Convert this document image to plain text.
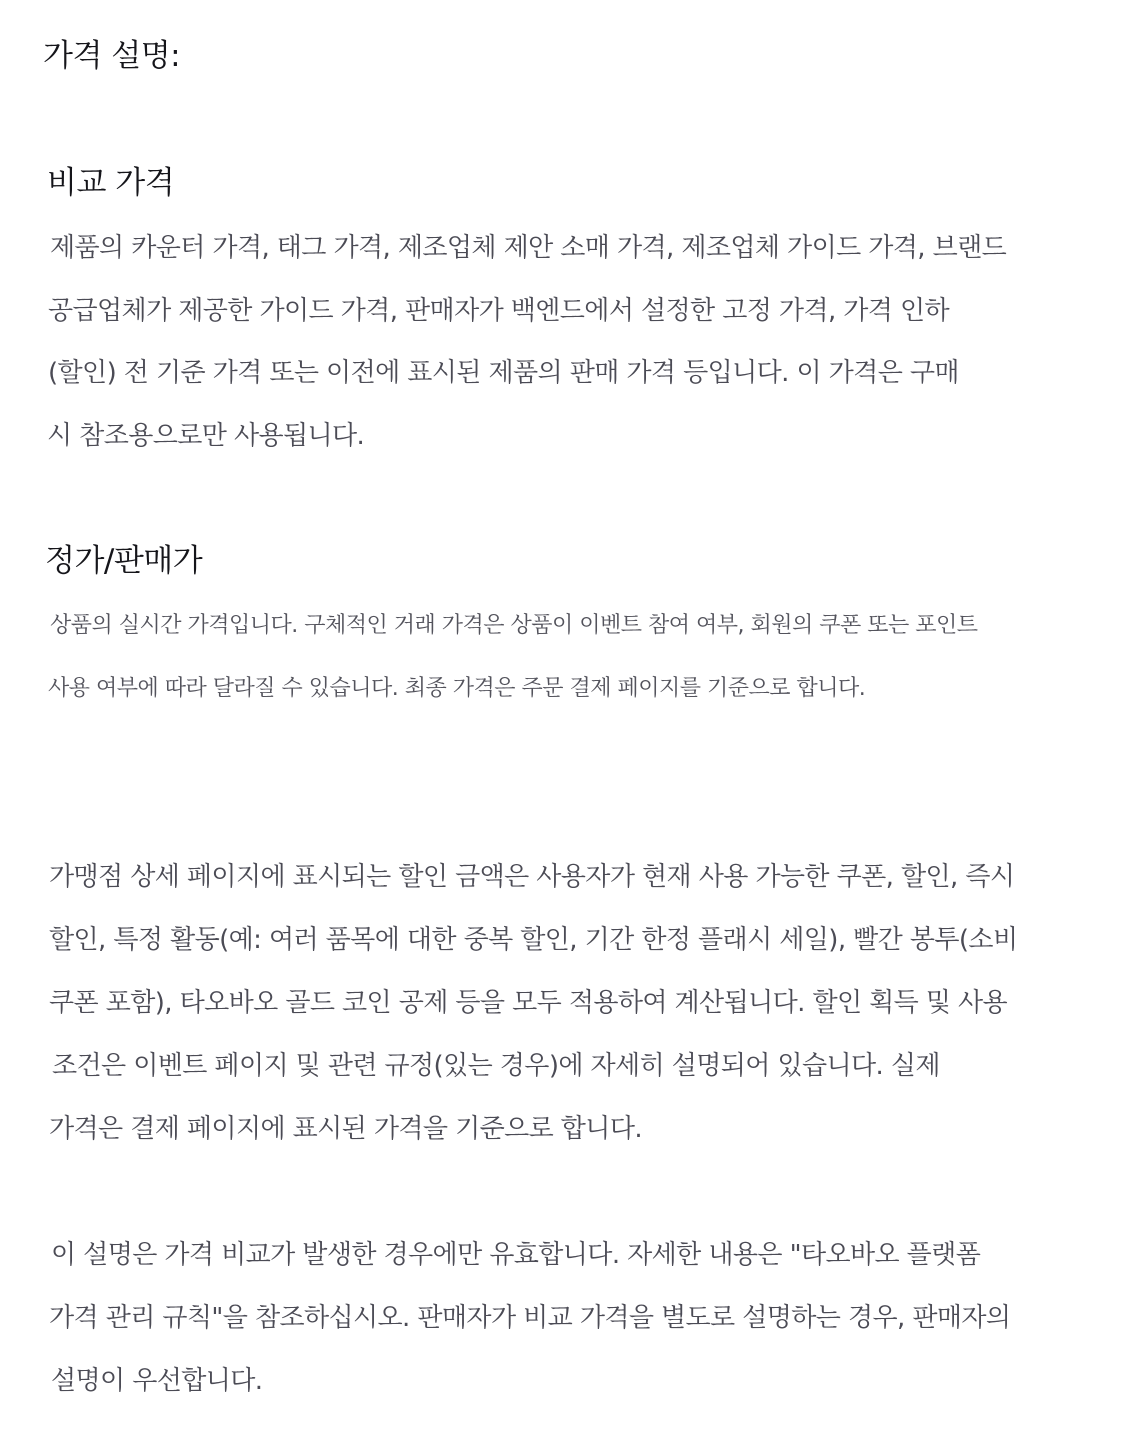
가격 설명:
비교 가격
제품의 카운터 가격, 태그 가격, 제조업체 제안 소매 가격, 제조업체 가이드 가격, 브랜드
공급업체가 제공한 가이드 가격, 판매자가 백엔드에서 설정한 고정 가격, 가격 인하
(할인) 전 기준 가격 또는 이전에 표시된 제품의 판매 가격 등입니다. 이 가격은 구매
시 참조용으로만 사용됩니다.
정가/판매가
상품의 실시간 가격입니다. 구체적인 거래 가격은 상품이 이벤트 참여 여부, 회원의 쿠폰 또는 포인트
사용 여부에 따라 달라질 수 있습니다. 최종 가격은 주문 결제 페이지를 기준으로 합니다.
가맹점 상세 페이지에 표시되는 할인 금액은 사용자가 현재 사용 가능한 쿠폰, 할인, 즉시
할인, 특정 활동(예: 여러 품목에 대한 중복 할인, 기간 한정 플래시 세일), 빨간 봉투(소비
쿠폰 포함), 타오바오 골드 코인 공제 등을 모두 적용하여 계산됩니다. 할인 획득 및 사용
조건은 이벤트 페이지 및 관련 규정(있는 경우)에 자세히 설명되어 있습니다. 실제
가격은 결제 페이지에 표시된 가격을 기준으로 합니다.
이 설명은 가격 비교가 발생한 경우에만 유효합니다. 자세한 내용은 "타오바오 플랫폼
가격 관리 규칙"을 참조하십시오. 판매자가 비교 가격을 별도로 설명하는 경우, 판매자의
설명이 우선합니다.
